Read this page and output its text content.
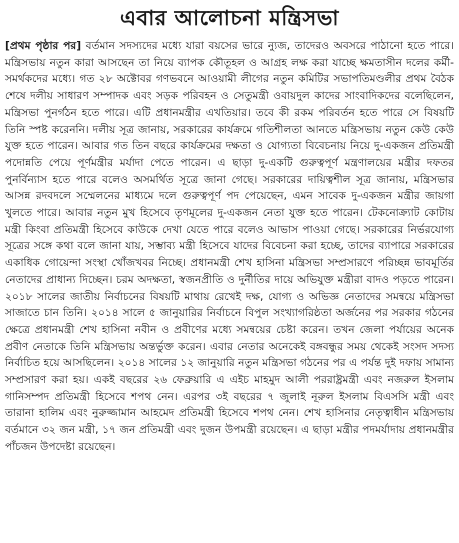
এবার আলোচনা মন্ত্রিসভা

[প্রথম পৃষ্ঠার পর] বর্তমান সদস্যদের মধ্যে যারা বয়সের ভারে ন্যুজ, তাদেরও অবসরে পাঠানো হতে পারে। মন্ত্রিসভায় নতুন কারা আসছেন তা নিয়ে ব্যাপক কৌতূহল ও আগ্রহ লক্ষ করা যাচ্ছে ক্ষমতাসীন দলের কর্মী-সমর্থকদের মধ্যে। গত ২৮ অক্টোবর গণভবনে আওয়ামী লীগের নতুন কমিটির সভাপতিমণ্ডলীর প্রথম বৈঠক শেষে দলীয় সাধারণ সম্পাদক এবং সড়ক পরিবহন ও সেতুমন্ত্রী ওবায়দুল কাদের সাংবাদিকদের বলেছিলেন, মন্ত্রিসভা পুনর্গঠন হতে পারে। এটি প্রধানমন্ত্রীর এখতিয়ার। তবে কী রকম পরিবর্তন হতে পারে সে বিষয়টি তিনি স্পষ্ট করেননি। দলীয় সূত্র জানায়, সরকারের কার্যক্রমে গতিশীলতা আনতে মন্ত্রিসভায় নতুন কেউ কেউ যুক্ত হতে পারেন। আবার গত তিন বছরে কার্যক্রমের দক্ষতা ও যোগ্যতা বিবেচনায় নিয়ে দু-একজন প্রতিমন্ত্রী পদোন্নতি পেয়ে পূর্ণমন্ত্রীর মর্যাদা পেতে পারেন। এ ছাড়া দু-একটি গুরুত্বপূর্ণ মন্ত্রণালয়ের মন্ত্রীর দফতর পুনর্বিন্যাস হতে পারে বলেও অসমর্থিত সূত্রে জানা গেছে। সরকারের দায়িত্বশীল সূত্র জানায়, মন্ত্রিসভার আসন্ন রদবদলে সম্মেলনের মাধ্যমে দলে গুরুত্বপূর্ণ পদ পেয়েছেন, এমন সাবেক দু-একজন মন্ত্রীর জায়গা খুলতে পারে। আবার নতুন মুখ হিসেবে তৃণমূলের দু-একজন নেতা যুক্ত হতে পারেন। টেকনোক্র্যাট কোটায় মন্ত্রী কিংবা প্রতিমন্ত্রী হিসেবে কাউকে দেখা যেতে পারে বলেও আভাস পাওয়া গেছে। সরকারের নির্ভরযোগ্য সূত্রের সঙ্গে কথা বলে জানা যায়, সম্ভাব্য মন্ত্রী হিসেবে যাদের বিবেচনা করা হচ্ছে, তাদের ব্যাপারে সরকারের একাধিক গোয়েন্দা সংস্থা খোঁজখবর নিচ্ছে। প্রধানমন্ত্রী শেখ হাসিনা মন্ত্রিসভা সম্প্রসারণে পরিচ্ছন্ন ভাবমূর্তির নেতাদের প্রাধান্য দিচ্ছেন। চরম অদক্ষতা, স্বজনপ্রীতি ও দুর্নীতির দায়ে অভিযুক্ত মন্ত্রীরা বাদও পড়তে পারেন। ২০১৮ সালের জাতীয় নির্বাচনের বিষয়টি মাথায় রেখেই দক্ষ, যোগ্য ও অভিজ্ঞ নেতাদের সমন্বয়ে মন্ত্রিসভা সাজাতে চান তিনি। ২০১৪ সালে ৫ জানুয়ারির নির্বাচনে বিপুল সংখ্যাগরিষ্ঠতা অর্জনের পর সরকার গঠনের ক্ষেত্রে প্রধানমন্ত্রী শেখ হাসিনা নবীন ও প্রবীণের মধ্যে সমন্বয়ের চেষ্টা করেন। তখন জেলা পর্যায়ের অনেক প্রবীণ নেতাকে তিনি মন্ত্রিসভায় অন্তর্ভুক্ত করেন। এবার নেতার অনেকেই বঙ্গবন্ধুর সময় থেকেই সংসদ সদস্য নির্বাচিত হয়ে আসছিলেন। ২০১৪ সালের ১২ জানুয়ারি নতুন মন্ত্রিসভা গঠনের পর এ পর্যন্ত দুই দফায় সামান্য সম্প্রসারণ করা হয়। একই বছরের ২৬ ফেব্রুয়ারি এ এইচ মাহমুদ আলী পররাষ্ট্রমন্ত্রী এবং নজরুল ইসলাম গানিসম্পদ প্রতিমন্ত্রী হিসেবে শপথ নেন। এরপর ৩ই বছরের ৭ জুলাই নূরুল ইসলাম বিএসসি মন্ত্রী এবং তারানা হালিম এবং নুরুজ্জামান আহমেদ প্রতিমন্ত্রী হিসেবে শপথ নেন। শেখ হাসিনার নেতৃত্বাধীন মন্ত্রিসভায় বর্তমানে ৩২ জন মন্ত্রী, ১৭ জন প্রতিমন্ত্রী এবং দুজন উপমন্ত্রী রয়েছেন। এ ছাড়া মন্ত্রীর পদমর্যাদায় প্রধানমন্ত্রীর পাঁচজন উপদেষ্টা রয়েছেন।
